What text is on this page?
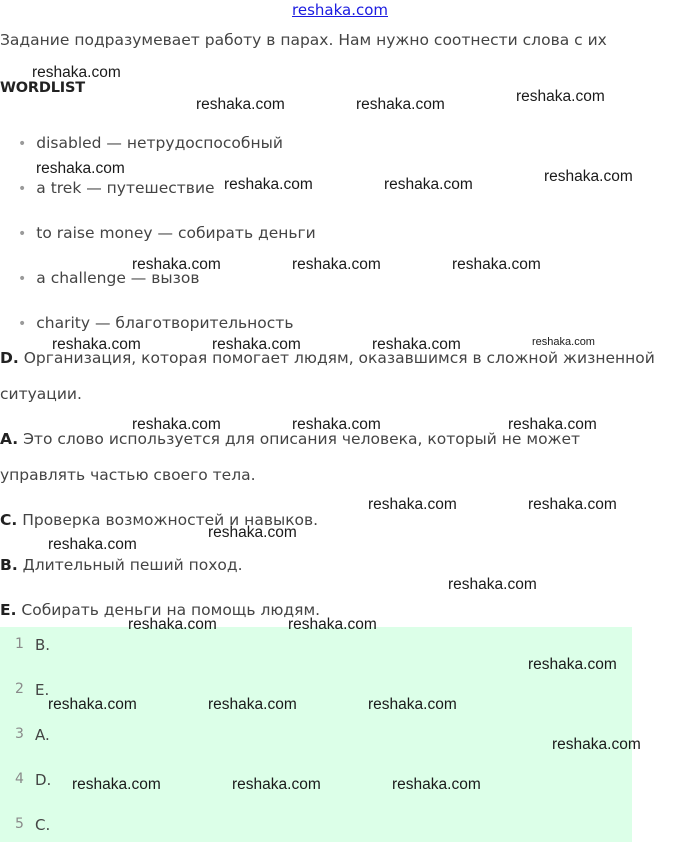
reshaka.com
Задание подразумевает работу в парах. Нам нужно соотнести слова с их
WORDLIST
• disabled — нетрудоспособный
• a trek — путешествие
• to raise money — собирать деньги
• a challenge — вызов
• charity — благотворительность
D. Организация, которая помогает людям, оказавшимся в сложной жизненной
ситуации.
A. Это слово используется для описания человека, который не может
управлять частью своего тела.
C. Проверка возможностей и навыков.
B. Длительный пеший поход.
E. Собирать деньги на помощь людям.
1 B.
2 E.
3 A.
4 D.
5 C.
reshaka.com
reshaka.com	reshaka.com	reshaka.com
reshaka.com
reshaka.com	reshaka.com	reshaka.com
reshaka.com	reshaka.com	reshaka.com
reshaka.com	reshaka.com	reshaka.com	reshaka.com
reshaka.com	reshaka.com	reshaka.com
reshaka.com	reshaka.com
reshaka.com
reshaka.com
reshaka.com
reshaka.com	reshaka.com
reshaka.com
reshaka.com	reshaka.com	reshaka.com
reshaka.com
reshaka.com	reshaka.com	reshaka.com
